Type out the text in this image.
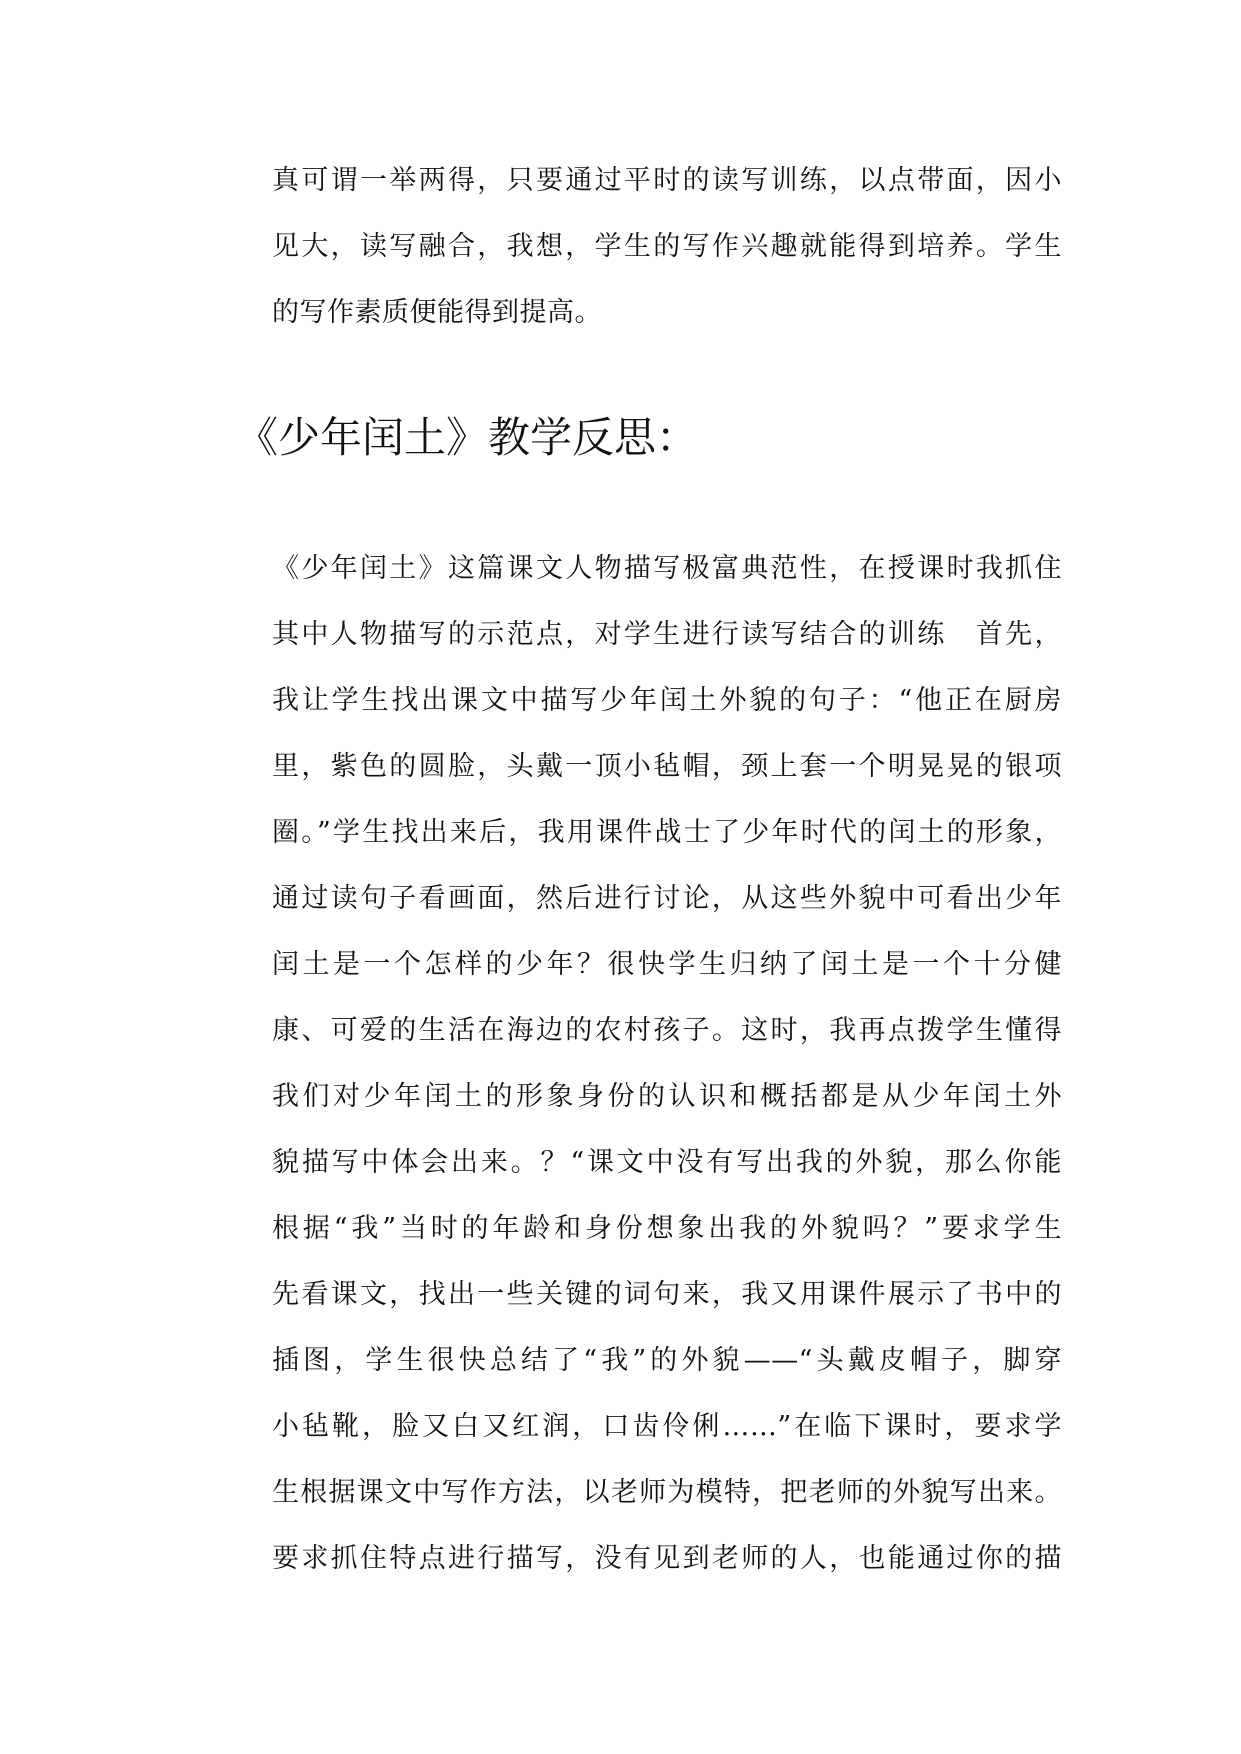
真可谓一举两得，只要通过平时的读写训练，以点带面，因小
见大，读写融合，我想，学生的写作兴趣就能得到培养。学生
的写作素质便能得到提高。
《少年闰土》教学反思：
《少年闰土》这篇课文人物描写极富典范性，在授课时我抓住
其中人物描写的示范点，对学生进行读写结合的训练　首先，
我让学生找出课文中描写少年闰土外貌的句子：“他正在厨房
里，紫色的圆脸，头戴一顶小毡帽，颈上套一个明晃晃的银项
圈。”学生找出来后，我用课件战士了少年时代的闰土的形象，
通过读句子看画面，然后进行讨论，从这些外貌中可看出少年
闰土是一个怎样的少年？很快学生归纳了闰土是一个十分健
康、可爱的生活在海边的农村孩子。这时，我再点拨学生懂得
我们对少年闰土的形象身份的认识和概括都是从少年闰土外
貌描写中体会出来。？“课文中没有写出我的外貌，那么你能
根据“我”当时的年龄和身份想象出我的外貌吗？”要求学生
先看课文，找出一些关键的词句来，我又用课件展示了书中的
插图，学生很快总结了“我”的外貌——“头戴皮帽子，脚穿
小毡靴，脸又白又红润，口齿伶俐……”在临下课时，要求学
生根据课文中写作方法，以老师为模特，把老师的外貌写出来。
要求抓住特点进行描写，没有见到老师的人，也能通过你的描
